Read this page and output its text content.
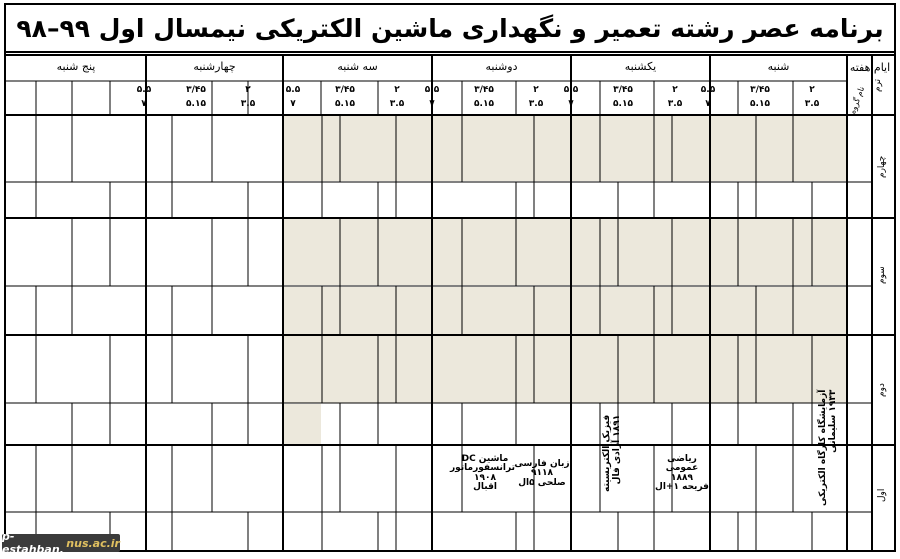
برنامه عصر رشته تعمیر و نگهداری ماشین الکتریکی نیمسال اول ۹۹–۹۸
ایام هفته
شنبه
یکشنبه
دوشنبه
سه شنبه
چهارشنبه
پنج شنبه
ترم
نام گروه
۲
۳.۵
۳/۴۵
۵.۱۵
۵.۵
۷
۲
۳.۵
۳/۴۵
۵.۱۵
۵.۵
۷
۲
۳.۵
۳/۴۵
۵.۱۵
۵.۵
۷
۲
۳.۵
۳/۴۵
۵.۱۵
۵.۵
۷
۲
۳.۵
۳/۴۵
۵.۱۵
۵.۵
۷
چهارم
سوم
دوم
اول
آزمایشگاه کارگاه الکتریکی ۱۹۳۳ سلیمانی
ریاضی
عمومی
۱۸۸۹
فریحه ۱+ال
فیزیک الکتریسیته ۱۸۹۱ آزادی فال
زبان فارسی
۹۱۱۸
صلحی ۵ال
ماشین DC
ترانسفورماتور
۱۹۰۸
اقبال
p-estahban. nus.ac.ir
